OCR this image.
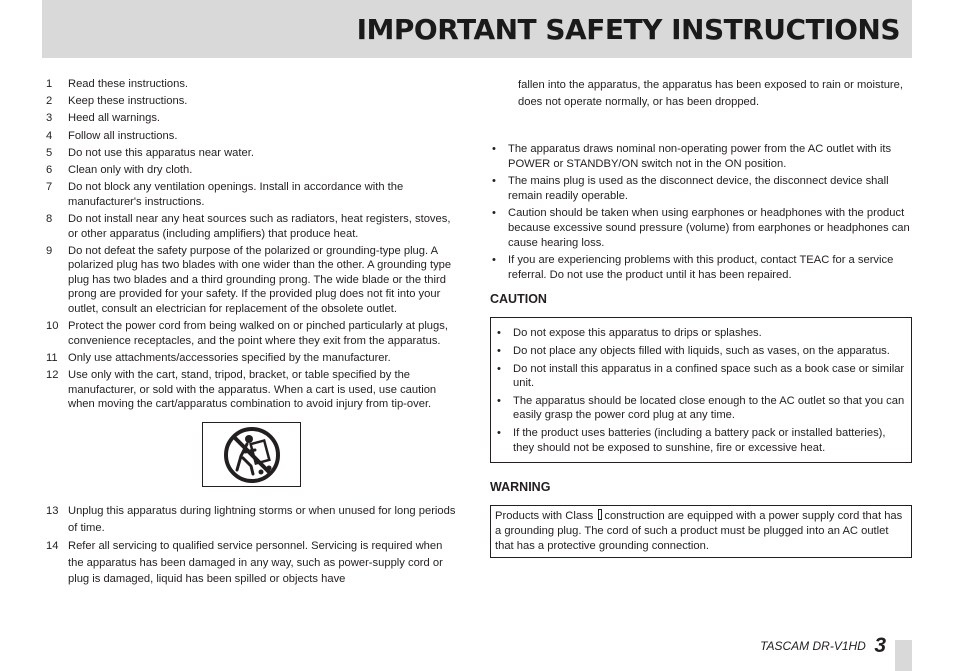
IMPORTANT SAFETY INSTRUCTIONS
1 Read these instructions.
2 Keep these instructions.
3 Heed all warnings.
4 Follow all instructions.
5 Do not use this apparatus near water.
6 Clean only with dry cloth.
7 Do not block any ventilation openings. Install in accordance with the manufacturer's instructions.
8 Do not install near any heat sources such as radiators, heat registers, stoves, or other apparatus (including amplifiers) that produce heat.
9 Do not defeat the safety purpose of the polarized or grounding-type plug. A polarized plug has two blades with one wider than the other. A grounding type plug has two blades and a third grounding prong. The wide blade or the third prong are provided for your safety. If the provided plug does not fit into your outlet, consult an electrician for replacement of the obsolete outlet.
10 Protect the power cord from being walked on or pinched particularly at plugs, convenience receptacles, and the point where they exit from the apparatus.
11 Only use attachments/accessories specified by the manufacturer.
12 Use only with the cart, stand, tripod, bracket, or table specified by the manufacturer, or sold with the apparatus. When a cart is used, use caution when moving the cart/apparatus combination to avoid injury from tip-over.
13 Unplug this apparatus during lightning storms or when unused for long periods of time.
14 Refer all servicing to qualified service personnel. Servicing is required when the apparatus has been damaged in any way, such as power-supply cord or plug is damaged, liquid has been spilled or objects have

fallen into the apparatus, the apparatus has been exposed to rain or moisture, does not operate normally, or has been dropped.

• The apparatus draws nominal non-operating power from the AC outlet with its POWER or STANDBY/ON switch not in the ON position.
• The mains plug is used as the disconnect device, the disconnect device shall remain readily operable.
• Caution should be taken when using earphones or headphones with the product because excessive sound pressure (volume) from earphones or headphones can cause hearing loss.
• If you are experiencing problems with this product, contact TEAC for a service referral. Do not use the product until it has been repaired.
CAUTION
• Do not expose this apparatus to drips or splashes.
• Do not place any objects filled with liquids, such as vases, on the apparatus.
• Do not install this apparatus in a confined space such as a book case or similar unit.
• The apparatus should be located close enough to the AC outlet so that you can easily grasp the power cord plug at any time.
• If the product uses batteries (including a battery pack or installed batteries), they should not be exposed to sunshine, fire or excessive heat.
WARNING
Products with Class construction are equipped with a power supply cord that has a grounding plug. The cord of such a product must be plugged into an AC outlet that has a protective grounding connection.
TASCAM DR-V1HD 3
